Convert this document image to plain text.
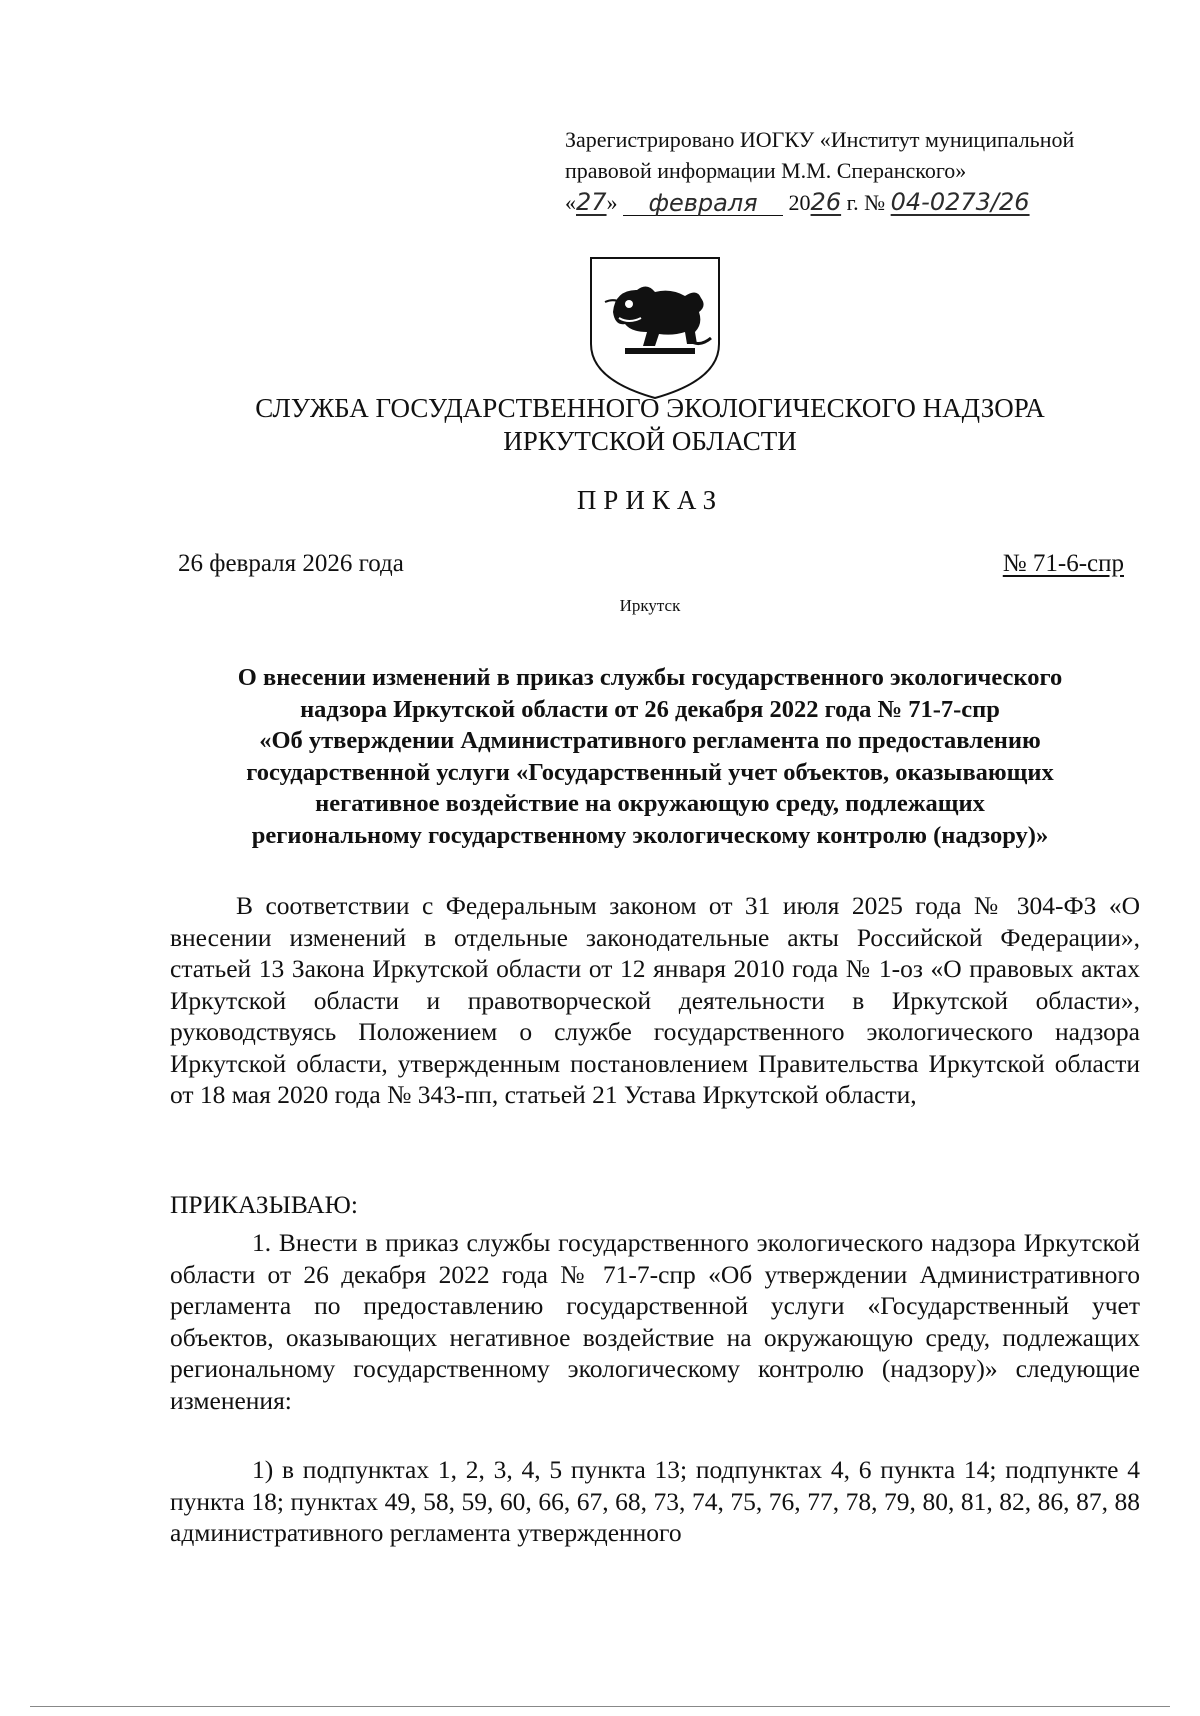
Зарегистрировано ИОГКУ «Институт муниципальной
правовой информации М.М. Сперанского»
«27» февраля 2026 г. № 04-0273/26
СЛУЖБА ГОСУДАРСТВЕННОГО ЭКОЛОГИЧЕСКОГО НАДЗОРА
ИРКУТСКОЙ ОБЛАСТИ
ПРИКАЗ
26 февраля 2026 года	№ 71-6-спр
Иркутск
О внесении изменений в приказ службы государственного экологического
надзора Иркутской области от 26 декабря 2022 года № 71-7-спр
«Об утверждении Административного регламента по предоставлению
государственной услуги «Государственный учет объектов, оказывающих
негативное воздействие на окружающую среду, подлежащих
региональному государственному экологическому контролю (надзору)»
В соответствии с Федеральным законом от 31 июля 2025 года № 304-ФЗ «О внесении изменений в отдельные законодательные акты Российской Федерации», статьей 13 Закона Иркутской области от 12 января 2010 года № 1-оз «О правовых актах Иркутской области и правотворческой деятельности в Иркутской области», руководствуясь Положением о службе государственного экологического надзора Иркутской области, утвержденным постановлением Правительства Иркутской области от 18 мая 2020 года № 343-пп, статьей 21 Устава Иркутской области,
ПРИКАЗЫВАЮ:
1. Внести в приказ службы государственного экологического надзора Иркутской области от 26 декабря 2022 года № 71-7-спр «Об утверждении Административного регламента по предоставлению государственной услуги «Государственный учет объектов, оказывающих негативное воздействие на окружающую среду, подлежащих региональному государственному экологическому контролю (надзору)» следующие изменения:
1) в подпунктах 1, 2, 3, 4, 5 пункта 13; подпунктах 4, 6 пункта 14; подпункте 4 пункта 18; пунктах 49, 58, 59, 60, 66, 67, 68, 73, 74, 75, 76, 77, 78, 79, 80, 81, 82, 86, 87, 88 административного регламента утвержденного
